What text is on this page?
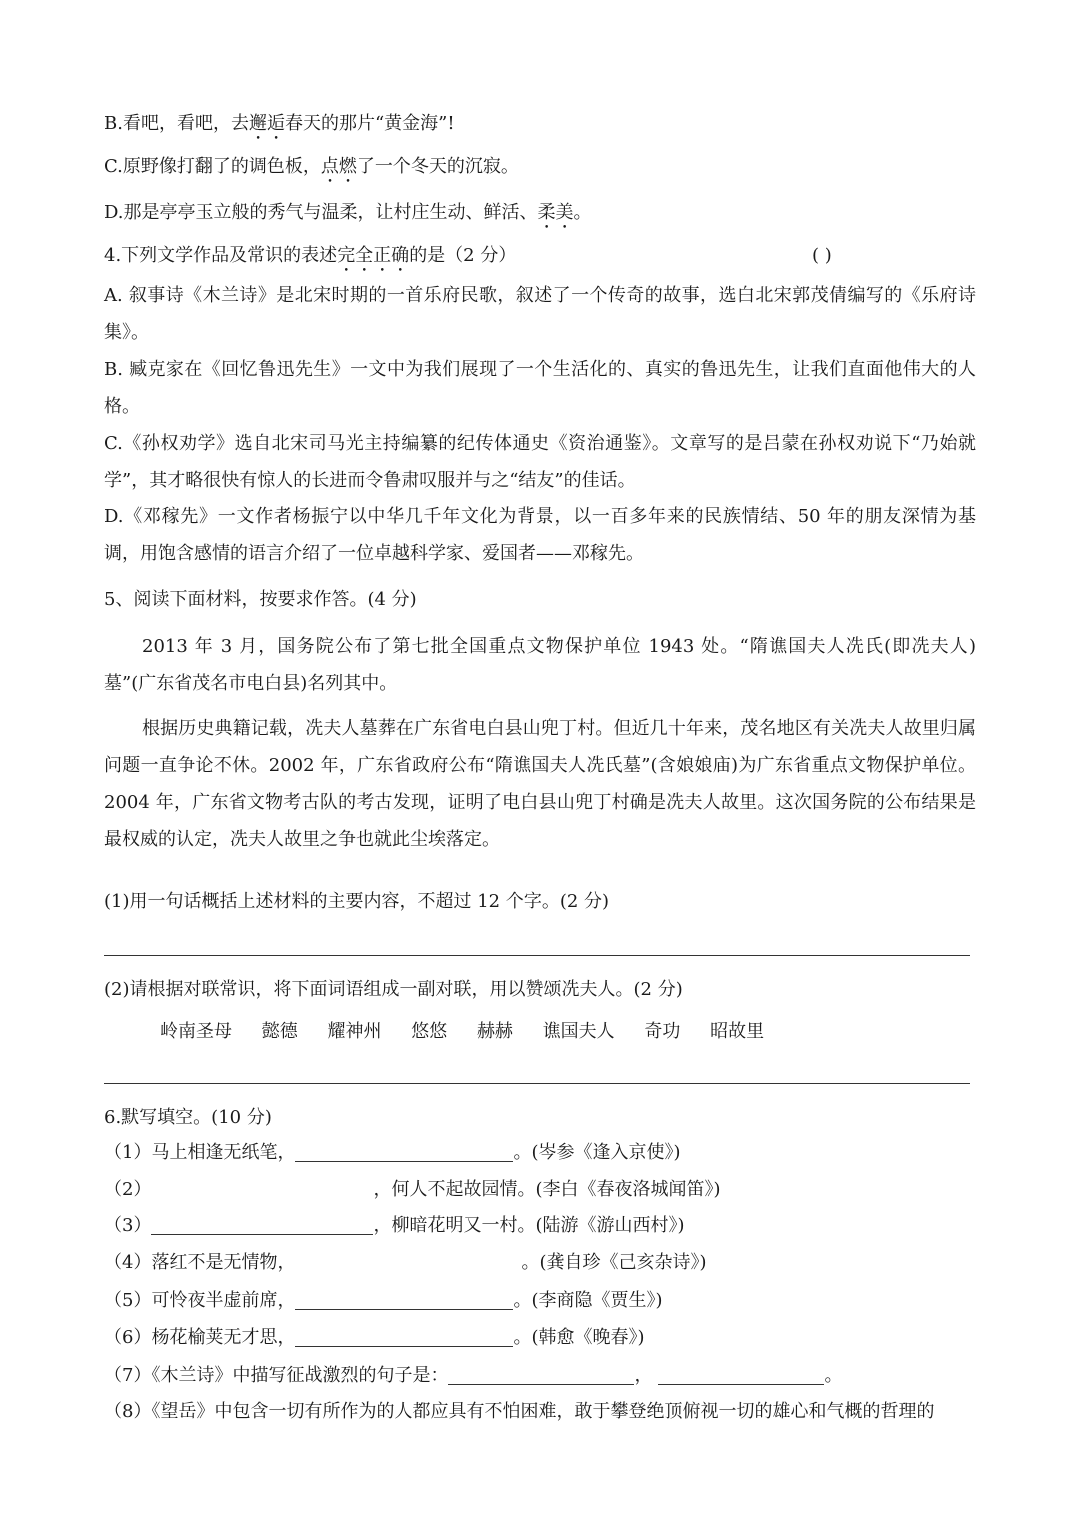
B.看吧，看吧，去邂逅春天的那片“黄金海”!
C.原野像打翻了的调色板，点燃了一个冬天的沉寂。
D.那是亭亭玉立般的秀气与温柔，让村庄生动、鲜活、柔美。
4.下列文学作品及常识的表述完全正确的是（2 分）	( )
A. 叙事诗《木兰诗》是北宋时期的一首乐府民歌，叙述了一个传奇的故事，选白北宋郭茂倩编写的《乐府诗集》。
B. 臧克家在《回忆鲁迅先生》一文中为我们展现了一个生活化的、真实的鲁迅先生，让我们直面他伟大的人格。
C.《孙权劝学》选自北宋司马光主持编纂的纪传体通史《资治通鉴》。文章写的是吕蒙在孙权劝说下“乃始就学”，其才略很快有惊人的长进而令鲁肃叹服并与之“结友”的佳话。
D.《邓稼先》一文作者杨振宁以中华几千年文化为背景，以一百多年来的民族情结、50 年的朋友深情为基调，用饱含感情的语言介绍了一位卓越科学家、爱国者——邓稼先。
5、阅读下面材料，按要求作答。(4 分)
2013 年 3 月，国务院公布了第七批全国重点文物保护单位 1943 处。“隋谯国夫人冼氏(即冼夫人)墓”(广东省茂名市电白县)名列其中。
根据历史典籍记载，冼夫人墓葬在广东省电白县山兜丁村。但近几十年来，茂名地区有关冼夫人故里归属问题一直争论不休。2002 年，广东省政府公布“隋谯国夫人冼氏墓”(含娘娘庙)为广东省重点文物保护单位。2004 年，广东省文物考古队的考古发现，证明了电白县山兜丁村确是冼夫人故里。这次国务院的公布结果是最权威的认定，冼夫人故里之争也就此尘埃落定。
(1)用一句话概括上述材料的主要内容，不超过 12 个字。(2 分)
(2)请根据对联常识，将下面词语组成一副对联，用以赞颂冼夫人。(2 分)
岭南圣母 懿德 耀神州 悠悠 赫赫 谯国夫人 奇功 昭故里
6.默写填空。(10 分)
（1）马上相逢无纸笔，	。(岑参《逢入京使》)
（2）	，何人不起故园情。(李白《春夜洛城闻笛》)
（3）	，柳暗花明又一村。(陆游《游山西村》)
（4）落红不是无情物，	。(龚自珍《己亥杂诗》)
（5）可怜夜半虚前席，	。(李商隐《贾生》)
（6）杨花榆荚无才思，	。(韩愈《晚春》)
（7）《木兰诗》中描写征战激烈的句子是：	，	。
（8）《望岳》中包含一切有所作为的人都应具有不怕困难，敢于攀登绝顶俯视一切的雄心和气概的哲理的
